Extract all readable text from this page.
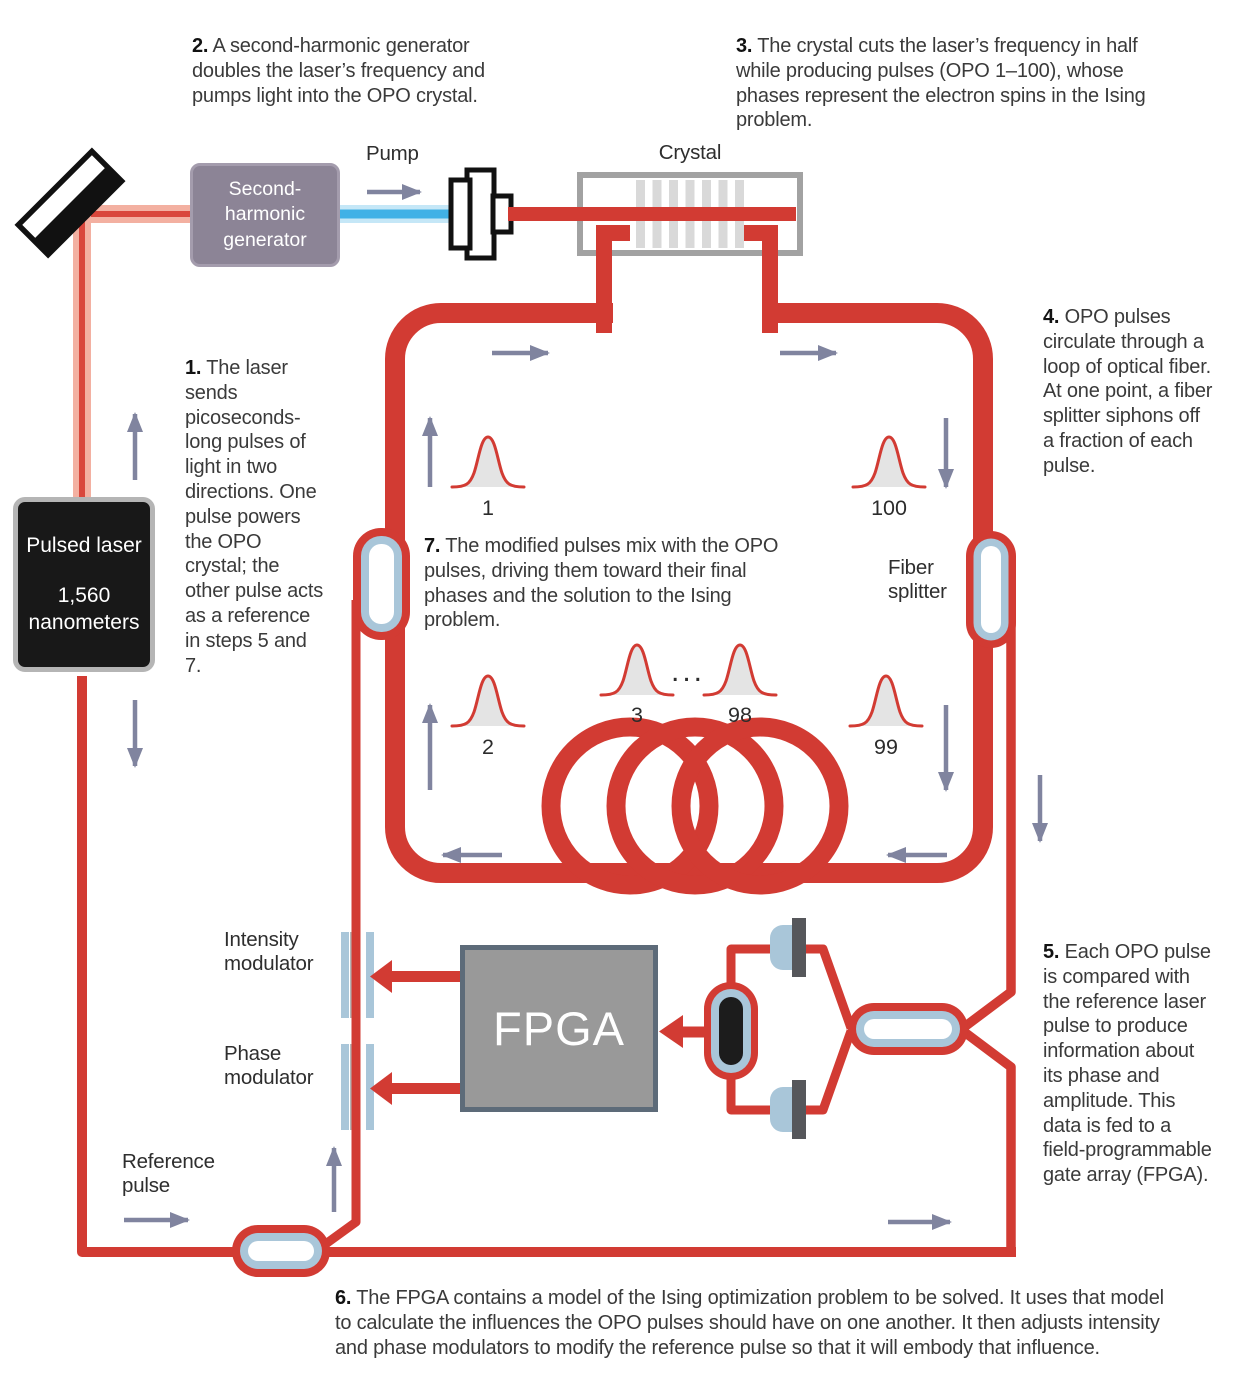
1. The laser sends picoseconds-long pulses of light in two directions. One pulse powers the OPO crystal; the other pulse acts as a reference in steps 5 and 7.
2. A second-harmonic generator doubles the laser’s frequency and pumps light into the OPO crystal.
3. The crystal cuts the laser’s frequency in half while producing pulses (OPO 1–100), whose phases represent the electron spins in the Ising problem.
4. OPO pulses circulate through a loop of optical fiber. At one point, a fiber splitter siphons off a fraction of each pulse.
5. Each OPO pulse is compared with the reference laser pulse to produce information about its phase and amplitude. This data is fed to a field-programmable gate array (FPGA).
6. The FPGA contains a model of the Ising optimization problem to be solved. It uses that model to calculate the influences the OPO pulses should have on one another. It then adjusts intensity and phase modulators to modify the reference pulse so that it will embody that influence.
7. The modified pulses mix with the OPO pulses, driving them toward their final phases and the solution to the Ising problem.
Pump	Crystal
Fiber splitter
Intensity modulator
Phase modulator
Reference pulse

Pulsed laser

1,560 nanometers

Second-harmonic generator
FPGA
1	100
2
3	98
99
...
